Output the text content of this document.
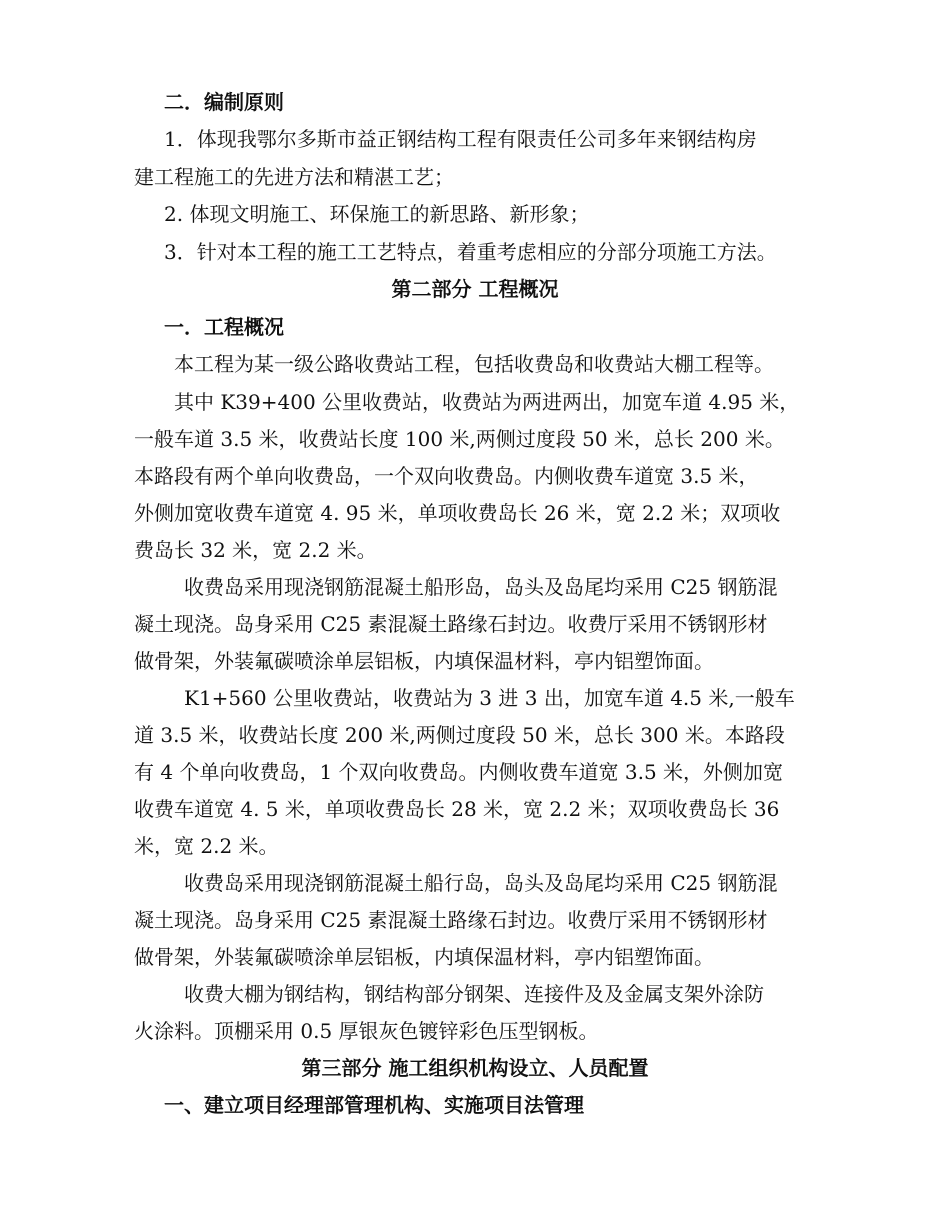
二．编制原则
1．体现我鄂尔多斯市益正钢结构工程有限责任公司多年来钢结构房
建工程施工的先进方法和精湛工艺；
2. 体现文明施工、环保施工的新思路、新形象；
3．针对本工程的施工工艺特点，着重考虑相应的分部分项施工方法。
第二部分 工程概况
一．工程概况
本工程为某一级公路收费站工程，包括收费岛和收费站大棚工程等。
其中 K39+400 公里收费站，收费站为两进两出，加宽车道 4.95 米，
一般车道 3.5 米，收费站长度 100 米,两侧过度段 50 米，总长 200 米。
本路段有两个单向收费岛，一个双向收费岛。内侧收费车道宽 3.5 米，
外侧加宽收费车道宽 4. 95 米，单项收费岛长 26 米，宽 2.2 米；双项收
费岛长 32 米，宽 2.2 米。
收费岛采用现浇钢筋混凝土船形岛，岛头及岛尾均采用 C25 钢筋混
凝土现浇。岛身采用 C25 素混凝土路缘石封边。收费厅采用不锈钢形材
做骨架，外装氟碳喷涂单层铝板，内填保温材料，亭内铝塑饰面。
K1+560 公里收费站，收费站为 3 进 3 出，加宽车道 4.5 米,一般车
道 3.5 米，收费站长度 200 米,两侧过度段 50 米，总长 300 米。本路段
有 4 个单向收费岛，1 个双向收费岛。内侧收费车道宽 3.5 米，外侧加宽
收费车道宽 4. 5 米，单项收费岛长 28 米，宽 2.2 米；双项收费岛长 36
米，宽 2.2 米。
收费岛采用现浇钢筋混凝土船行岛，岛头及岛尾均采用 C25 钢筋混
凝土现浇。岛身采用 C25 素混凝土路缘石封边。收费厅采用不锈钢形材
做骨架，外装氟碳喷涂单层铝板，内填保温材料，亭内铝塑饰面。
收费大棚为钢结构，钢结构部分钢架、连接件及及金属支架外涂防
火涂料。顶棚采用 0.5 厚银灰色镀锌彩色压型钢板。
第三部分 施工组织机构设立、人员配置
一、建立项目经理部管理机构、实施项目法管理
